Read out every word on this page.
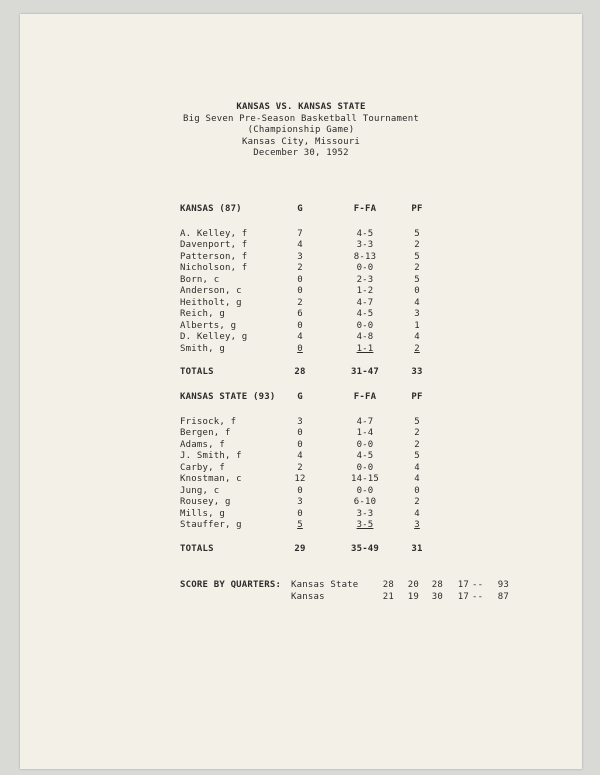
KANSAS VS. KANSAS STATE
Big Seven Pre-Season Basketball Tournament
(Championship Game)
Kansas City, Missouri
December 30, 1952
KANSAS (87)	G	F-FA	PF
A. Kelley, f	7	4-5	5
Davenport, f	4	3-3	2
Patterson, f	3	8-13	5
Nicholson, f	2	0-0	2
Born, c	0	2-3	5
Anderson, c	0	1-2	0
Heitholt, g	2	4-7	4
Reich, g	6	4-5	3
Alberts, g	0	0-0	1
D. Kelley, g	4	4-8	4
Smith, g	0	1-1	2
TOTALS	28	31-47	33
KANSAS STATE (93)	G	F-FA	PF
Frisock, f	3	4-7	5
Bergen, f	0	1-4	2
Adams, f	0	0-0	2
J. Smith, f	4	4-5	5
Carby, f	2	0-0	4
Knostman, c	12	14-15	4
Jung, c	0	0-0	0
Rousey, g	3	6-10	2
Mills, g	0	3-3	4
Stauffer, g	5	3-5	3
TOTALS	29	35-49	31
SCORE BY QUARTERS: Kansas State	28	20	28	17 --	93
Kansas	21	19	30	17 --	87
